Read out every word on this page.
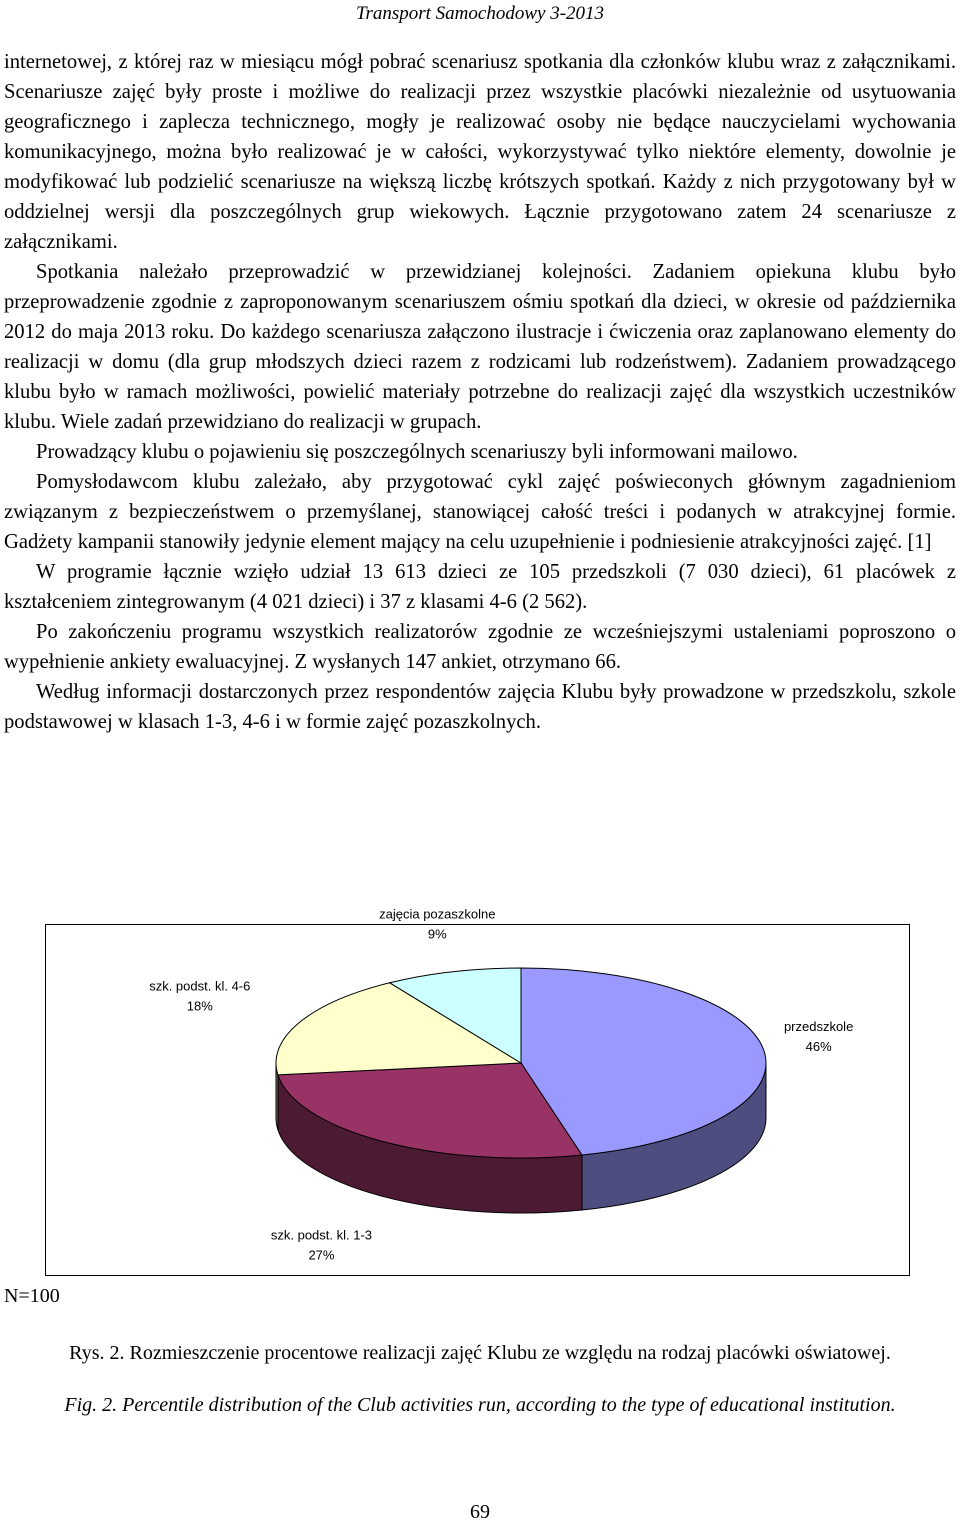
Transport Samochodowy 3-2013

internetowej, z której raz w miesiącu mógł pobrać scenariusz spotkania dla członków klubu wraz z załącznikami. Scenariusze zajęć były proste i możliwe do realizacji przez wszystkie placówki niezależnie od usytuowania geograficznego i zaplecza technicznego, mogły je realizować osoby nie będące nauczycielami wychowania komunikacyjnego, można było realizować je w całości, wykorzystywać tylko niektóre elementy, dowolnie je modyfikować lub podzielić scenariusze na większą liczbę krótszych spotkań. Każdy z nich przygotowany był w oddzielnej wersji dla poszczególnych grup wiekowych. Łącznie przygotowano zatem 24 scenariusze z załącznikami.

Spotkania należało przeprowadzić w przewidzianej kolejności. Zadaniem opiekuna klubu było przeprowadzenie zgodnie z zaproponowanym scenariuszem ośmiu spotkań dla dzieci, w okresie od października 2012 do maja 2013 roku. Do każdego scenariusza załączono ilustracje i ćwiczenia oraz zaplanowano elementy do realizacji w domu (dla grup młodszych dzieci razem z rodzicami lub rodzeństwem). Zadaniem prowadzącego klubu było w ramach możliwości, powielić materiały potrzebne do realizacji zajęć dla wszystkich uczestników klubu. Wiele zadań przewidziano do realizacji w grupach.

Prowadzący klubu o pojawieniu się poszczególnych scenariuszy byli informowani mailowo.

Pomysłodawcom klubu zależało, aby przygotować cykl zajęć poświeconych głównym zagadnieniom związanym z bezpieczeństwem o przemyślanej, stanowiącej całość treści i podanych w atrakcyjnej formie. Gadżety kampanii stanowiły jedynie element mający na celu uzupełnienie i podniesienie atrakcyjności zajęć. [1]

W programie łącznie wzięło udział 13 613 dzieci ze 105 przedszkoli (7 030 dzieci), 61 placówek z kształceniem zintegrowanym (4 021 dzieci) i 37 z klasami 4-6 (2 562).

Po zakończeniu programu wszystkich realizatorów zgodnie ze wcześniejszymi ustaleniami poproszono o wypełnienie ankiety ewaluacyjnej. Z wysłanych 147 ankiet, otrzymano 66.

Według informacji dostarczonych przez respondentów zajęcia Klubu były prowadzone w przedszkolu, szkole podstawowej w klasach 1-3, 4-6 i w formie zajęć pozaszkolnych.

przedszkole
46%
szk. podst. kl. 1-3
27%
szk. podst. kl. 4-6
18%
zajęcia pozaszkolne
9%
N=100
Rys. 2. Rozmieszczenie procentowe realizacji zajęć Klubu ze względu na rodzaj placówki oświatowej.
Fig. 2. Percentile distribution of the Club activities run, according to the type of educational institution.
69
